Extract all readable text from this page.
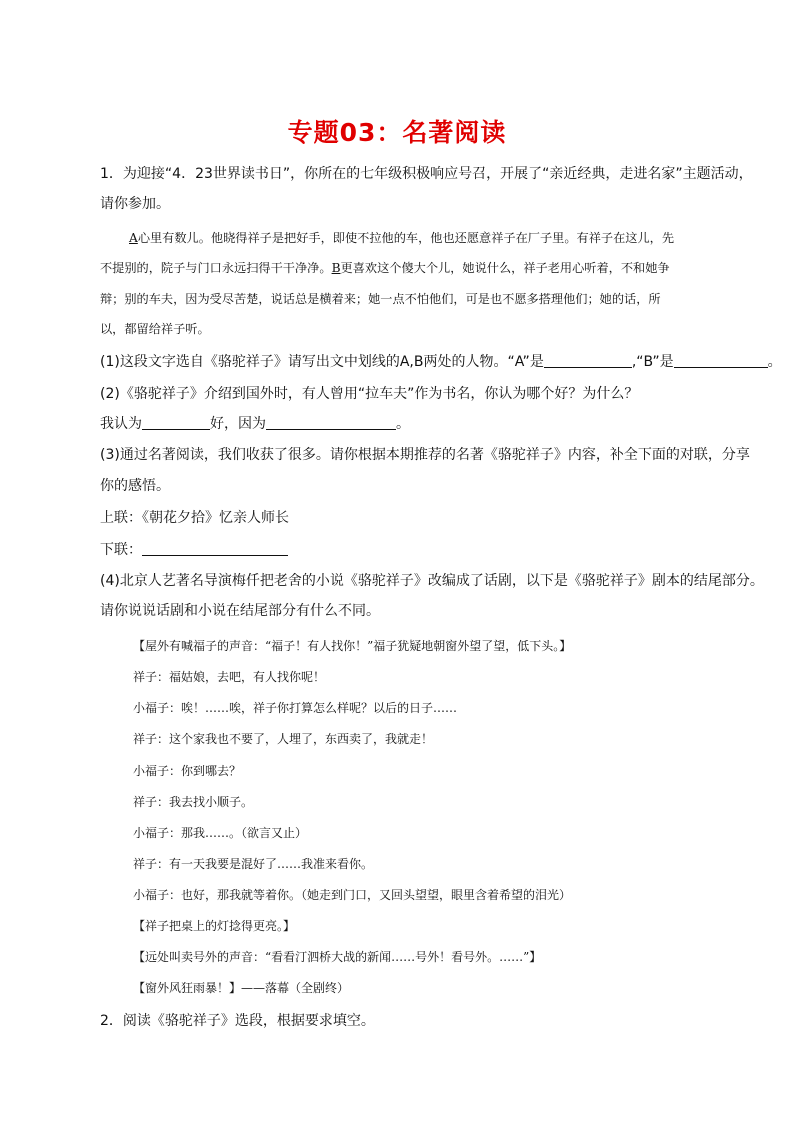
专题03：名著阅读
1．为迎接“4．23世界读书日”，你所在的七年级积极响应号召，开展了“亲近经典，走进名家”主题活动，
请你参加。
A心里有数儿。他晓得祥子是把好手，即使不拉他的车，他也还愿意祥子在厂子里。有祥子在这儿，先
不提别的，院子与门口永远扫得干干净净。B更喜欢这个傻大个儿，她说什么，祥子老用心听着，不和她争
辩；别的车夫，因为受尽苦楚，说话总是横着来；她一点不怕他们，可是也不愿多搭理他们；她的话，所
以，都留给祥子听。
(1)这段文字选自《骆驼祥子》请写出文中划线的A,B两处的人物。“A”是	,“B”是	。
(2)《骆驼祥子》介绍到国外时，有人曾用“拉车夫”作为书名，你认为哪个好？为什么？
我认为	好，因为	。
(3)通过名著阅读，我们收获了很多。请你根据本期推荐的名著《骆驼祥子》内容，补全下面的对联，分享
你的感悟。
上联：《朝花夕拾》忆亲人师长
下联：
(4)北京人艺著名导演梅仟把老舍的小说《骆驼祥子》改编成了话剧，以下是《骆驼祥子》剧本的结尾部分。
请你说说话剧和小说在结尾部分有什么不同。
【屋外有喊福子的声音：“福子！有人找你！”福子犹疑地朝窗外望了望，低下头。】
祥子：福姑娘，去吧，有人找你呢！
小福子：唉！……唉，祥子你打算怎么样呢？以后的日子……
祥子：这个家我也不要了，人埋了，东西卖了，我就走！
小福子：你到哪去？
祥子：我去找小顺子。
小福子：那我……。（欲言又止）
祥子：有一天我要是混好了……我准来看你。
小福子：也好，那我就等着你。（她走到门口，又回头望望，眼里含着希望的泪光）
【祥子把桌上的灯捻得更亮。】
【远处叫卖号外的声音：“看看汀泗桥大战的新闻……号外！看号外。……”】
【窗外风狂雨暴！】——落幕（全剧终）
2．阅读《骆驼祥子》选段，根据要求填空。
